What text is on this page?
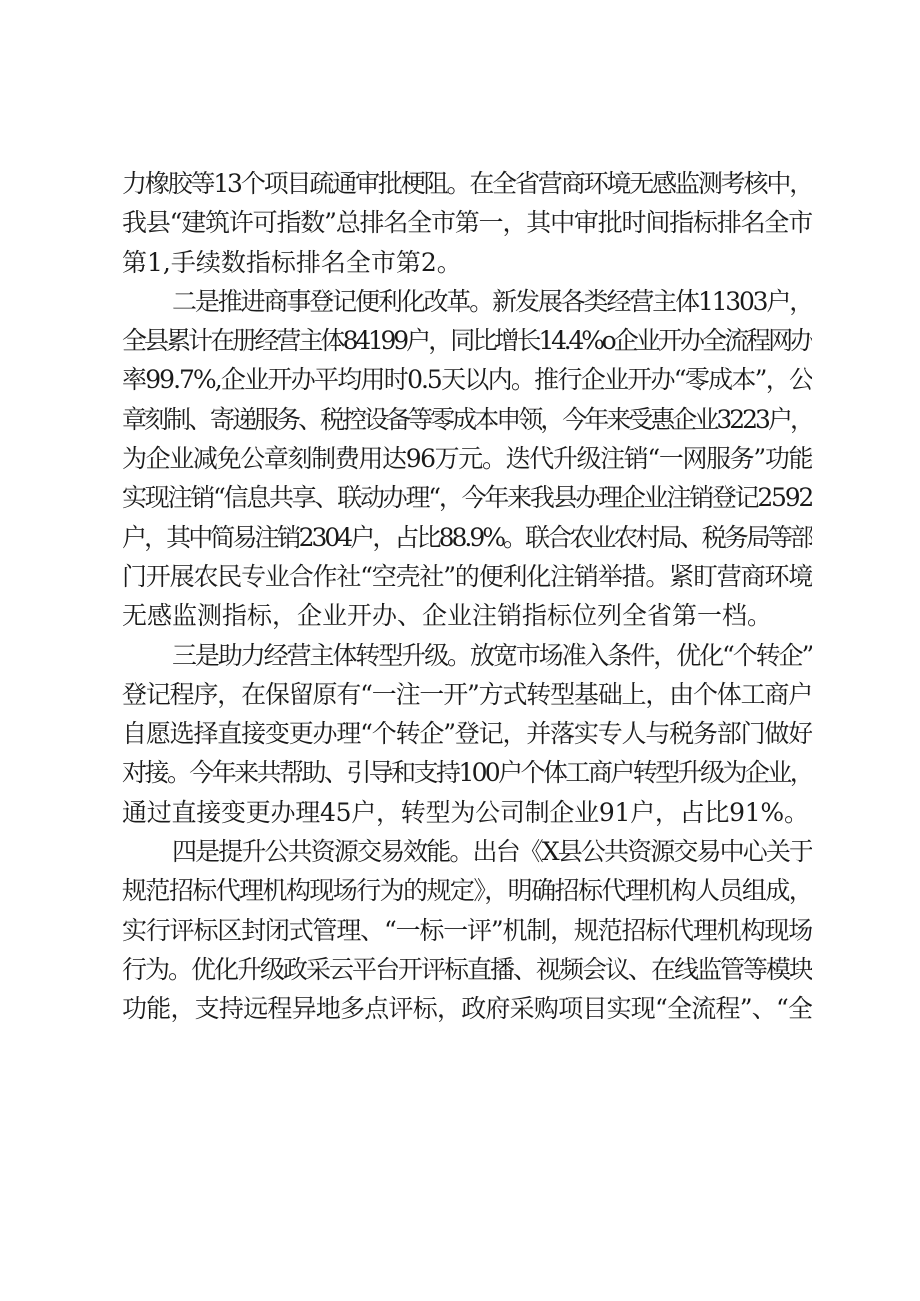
力橡胶等13个项目疏通审批梗阻。在全省营商环境无感监测考核中，
我县“建筑许可指数”总排名全市第一，其中审批时间指标排名全市
第1,手续数指标排名全市第2。
二是推进商事登记便利化改革。新发展各类经营主体11303户，
全县累计在册经营主体84199户，同比增长14.4%o企业开办全流程网办
率99.7%,企业开办平均用时0.5天以内。推行企业开办“零成本”，公
章刻制、寄递服务、税控设备等零成本申领，今年来受惠企业3223户，
为企业减免公章刻制费用达96万元。迭代升级注销“一网服务”功能
实现注销“信息共享、联动办理“，今年来我县办理企业注销登记2592
户，其中简易注销2304户，占比88.9%。联合农业农村局、税务局等部
门开展农民专业合作社“空壳社”的便利化注销举措。紧盯营商环境
无感监测指标，企业开办、企业注销指标位列全省第一档。
三是助力经营主体转型升级。放宽市场准入条件，优化“个转企”
登记程序，在保留原有“一注一开”方式转型基础上，由个体工商户
自愿选择直接变更办理“个转企”登记，并落实专人与税务部门做好
对接。今年来共帮助、引导和支持100户个体工商户转型升级为企业，
通过直接变更办理45户，转型为公司制企业91户，占比91%。
四是提升公共资源交易效能。出台《X县公共资源交易中心关于
规范招标代理机构现场行为的规定》，明确招标代理机构人员组成，
实行评标区封闭式管理、“一标一评”机制，规范招标代理机构现场
行为。优化升级政采云平台开评标直播、视频会议、在线监管等模块
功能，支持远程异地多点评标，政府采购项目实现“全流程”、“全
